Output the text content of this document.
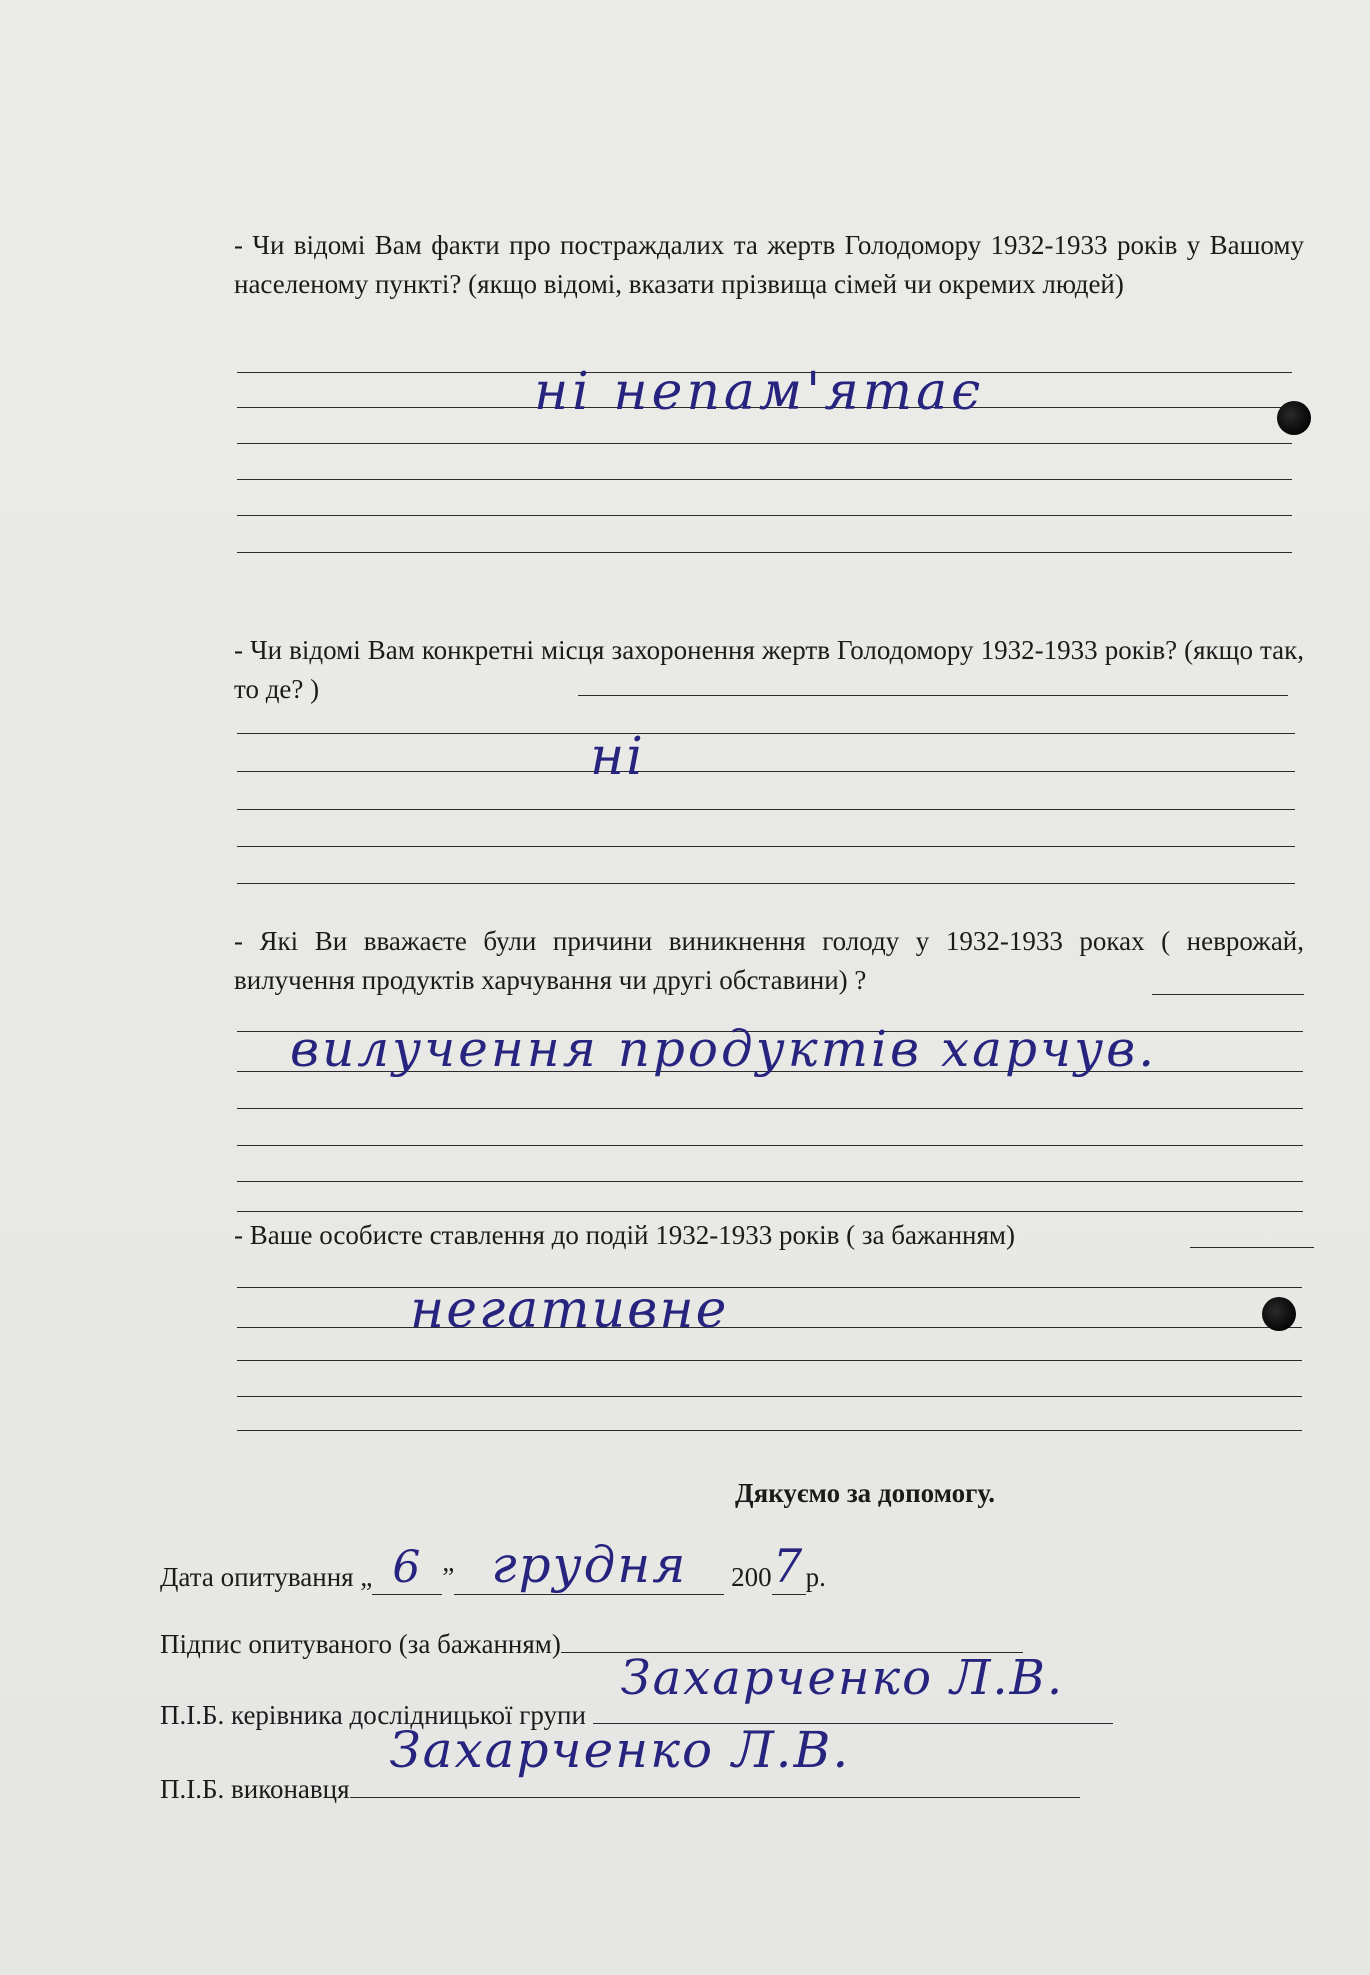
- Чи відомі Вам факти про постраждалих та жертв Голодомору 1932-1933 років у Вашому населеному пункті? (якщо відомі, вказати прізвища сімей чи окремих людей)
ні непам'ятає
- Чи відомі Вам конкретні місця захоронення жертв Голодомору 1932-1933 років? (якщо так, то де? )
ні
- Які Ви вважаєте були причини виникнення голоду у 1932-1933 роках ( неврожай, вилучення продуктів харчування чи другі обставини) ?
вилучення продуктів харчув.
- Ваше особисте ставлення до подій 1932-1933 років ( за бажанням)
негативне
Дякуємо за допомогу.
Дата опитування „ 6 ” грудня 2007р.
Підпис опитуваного (за бажанням)
П.І.Б. керівника дослідницької групи
Захарченко Л.В.
П.І.Б. виконавця
Захарченко Л.В.
